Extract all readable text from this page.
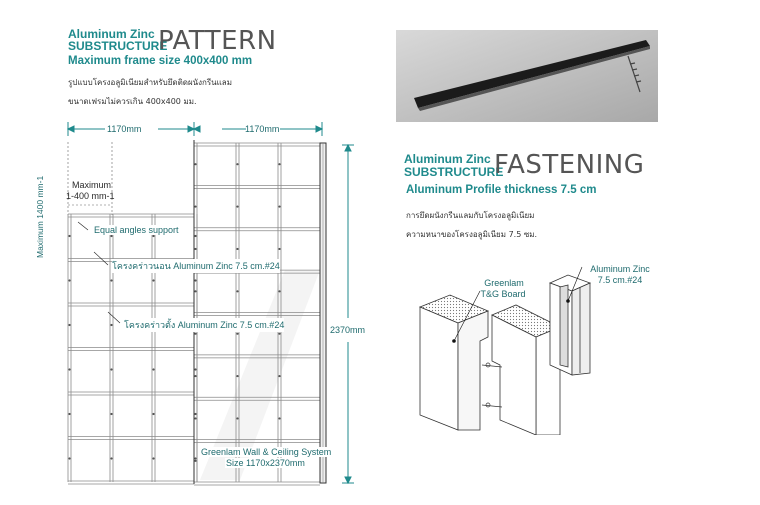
Aluminum Zinc
SUBSTRUCTURE
PATTERN
Maximum frame size 400x400 mm
รูปแบบโครงอลูมิเนียมสำหรับยึดติดผนังกรีนแลม
ขนาดเฟรมไม่ควรเกิน 400x400 มม.
Maximum
1-400 mm-1
1170mm	1170mm
2370mm
Maximum 1400 mm-1	Equal angles support
โครงคร่าวนอน Aluminum Zinc 7.5 cm.#24
โครงคร่าวตั้ง Aluminum Zinc 7.5 cm.#24
Greenlam Wall & Ceiling System
Size 1170x2370mm
Aluminum Zinc
SUBSTRUCTURE
FASTENING
Aluminum Profile thickness 7.5 cm
การยึดผนังกรีนแลมกับโครงอลูมิเนียม
ความหนาของโครงอลูมิเนียม 7.5 ซม.
Greenlam
T&G Board
Aluminum Zinc
7.5 cm.#24
